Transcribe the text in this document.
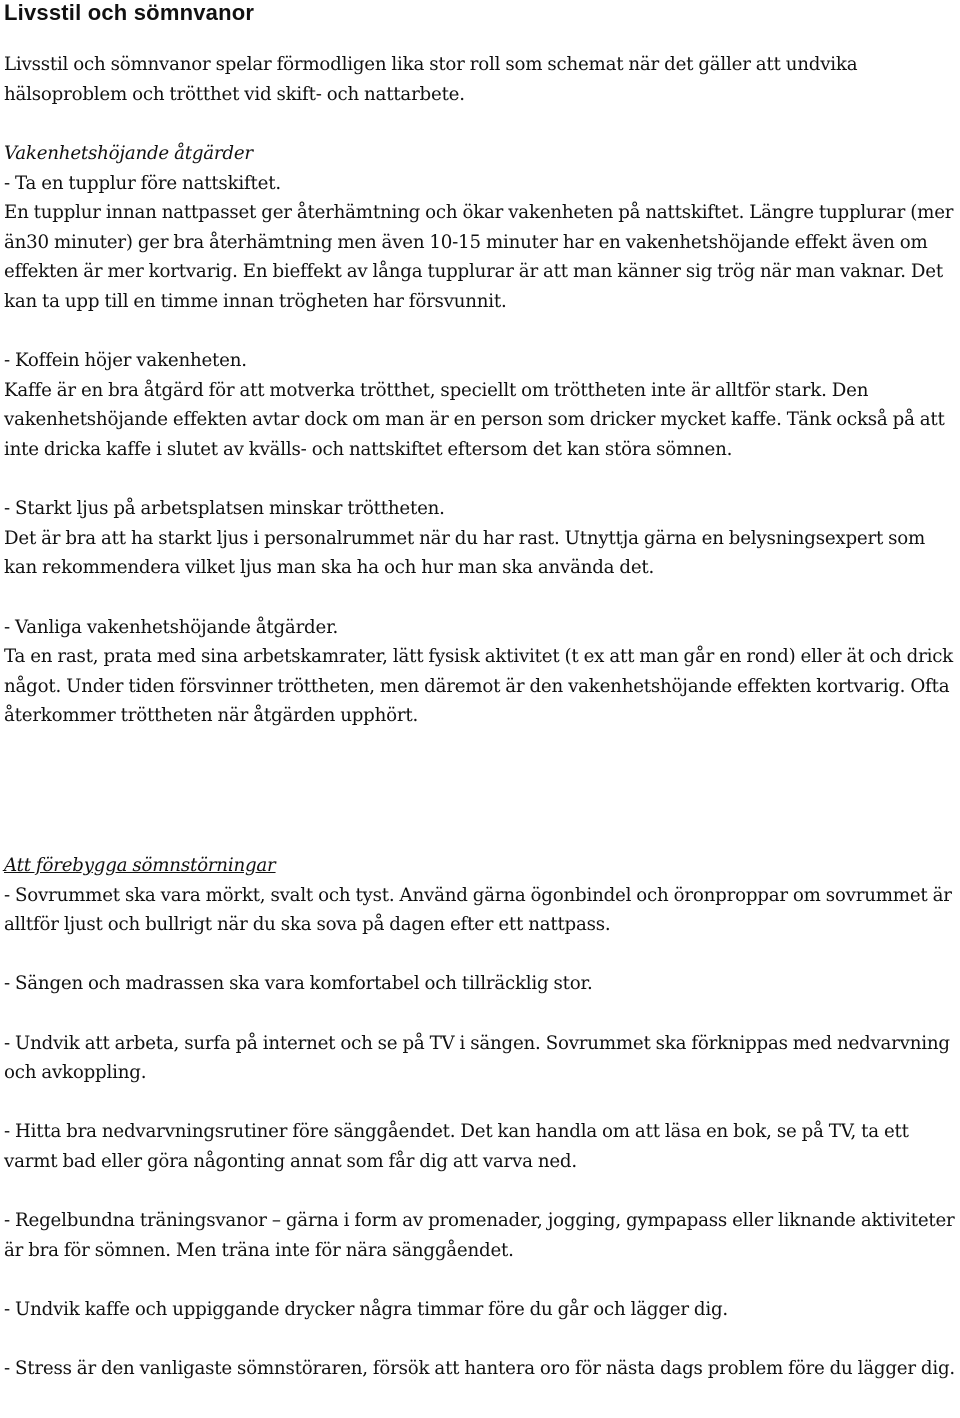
Livsstil och sömnvanor

Livsstil och sömnvanor spelar förmodligen lika stor roll som schemat när det gäller att undvika hälsoproblem och trötthet vid skift- och nattarbete.

Vakenhetshöjande åtgärder

- Ta en tupplur före nattskiftet.

En tupplur innan nattpasset ger återhämtning och ökar vakenheten på nattskiftet. Längre tupplurar (mer än30 minuter) ger bra återhämtning men även 10-15 minuter har en vakenhetshöjande effekt även om effekten är mer kortvarig. En bieffekt av långa tupplurar är att man känner sig trög när man vaknar. Det kan ta upp till en timme innan trögheten har försvunnit.

- Koffein höjer vakenheten.

Kaffe är en bra åtgärd för att motverka trötthet, speciellt om tröttheten inte är alltför stark. Den vakenhetshöjande effekten avtar dock om man är en person som dricker mycket kaffe. Tänk också på att inte dricka kaffe i slutet av kvälls- och nattskiftet eftersom det kan störa sömnen.

- Starkt ljus på arbetsplatsen minskar tröttheten.

Det är bra att ha starkt ljus i personalrummet när du har rast. Utnyttja gärna en belysningsexpert som kan rekommendera vilket ljus man ska ha och hur man ska använda det.

- Vanliga vakenhetshöjande åtgärder.

Ta en rast, prata med sina arbetskamrater, lätt fysisk aktivitet (t ex att man går en rond) eller ät och drick något. Under tiden försvinner tröttheten, men däremot är den vakenhetshöjande effekten kortvarig. Ofta återkommer tröttheten när åtgärden upphört.

Att förebygga sömnstörningar

- Sovrummet ska vara mörkt, svalt och tyst. Använd gärna ögonbindel och öronproppar om sovrummet är alltför ljust och bullrigt när du ska sova på dagen efter ett nattpass.

- Sängen och madrassen ska vara komfortabel och tillräcklig stor.

- Undvik att arbeta, surfa på internet och se på TV i sängen. Sovrummet ska förknippas med nedvarvning och avkoppling.

- Hitta bra nedvarvningsrutiner före sänggåendet. Det kan handla om att läsa en bok, se på TV, ta ett varmt bad eller göra någonting annat som får dig att varva ned.

- Regelbundna träningsvanor – gärna i form av promenader, jogging, gympapass eller liknande aktiviteter är bra för sömnen. Men träna inte för nära sänggåendet.

- Undvik kaffe och uppiggande drycker några timmar före du går och lägger dig.

- Stress är den vanligaste sömnstöraren, försök att hantera oro för nästa dags problem före du lägger dig.
